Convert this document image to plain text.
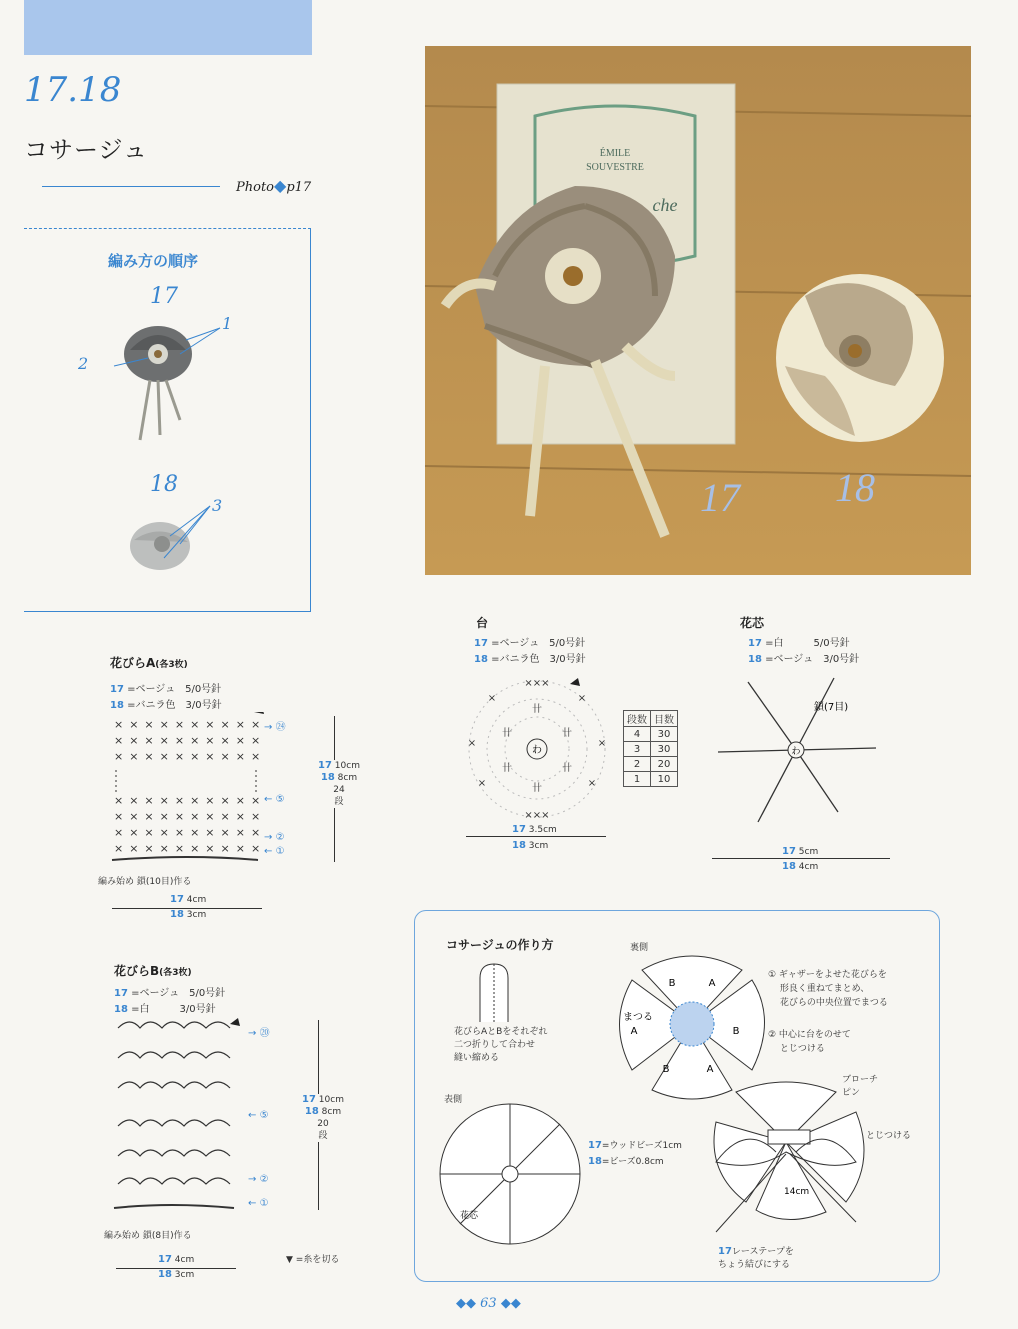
17.18
コサージュ
Photo◆p17
編み方の順序
17
18
1
2
3
ÉMILE
SOUVESTRE
che
17 18
花びらA(各3枚)
17 =ベージュ　5/0号針
18 =バニラ色　3/0号針
××××××××××
××××××××××
××××××××××
××××××××××
××××××××××
××××××××××
××××××××××
→ ㉔
← ⑤
→ ②
← ①
編み始め 鎖(10目)作る
17 4cm
18 3cm
17 10cm
18 8cm
24
段
花びらB(各3枚)
17 =ベージュ　5/0号針
18 =白　　　3/0号針
→ ⑳
← ⑤
→ ②
← ①
編み始め 鎖(8目)作る
17 4cm
18 3cm
17 10cm
18 8cm
20
段
▼ =糸を切る
台
17 =ベージュ　5/0号針
18 =バニラ色　3/0号針
わ
×××
×	×
×	×
×	×
×××
卄
卄	卄
卄	卄
卄
17 3.5cm
18 3cm
段数	目数
4	30
3	30
2	20
1	10
花芯
17 =白　　　5/0号針
18 =ベージュ　3/0号針
わ
鎖(7目)
17 5cm
18 4cm
コサージュの作り方
花びらAとBをそれぞれ
二つ折りして合わせ
縫い縮める
裏側
B	A
B
A
B
A
まつる
① ギャザーをよせた花びらを
　 形良く重ねてまとめ、
　 花びらの中央位置でまつる
② 中心に台をのせて
　 とじつける
表側
花芯
17=ウッドビーズ1cm
18=ビーズ0.8cm
14cm
ブローチ
ピン
とじつける

17レーステープを
ちょう結びにする

◆◆ 63 ◆◆
